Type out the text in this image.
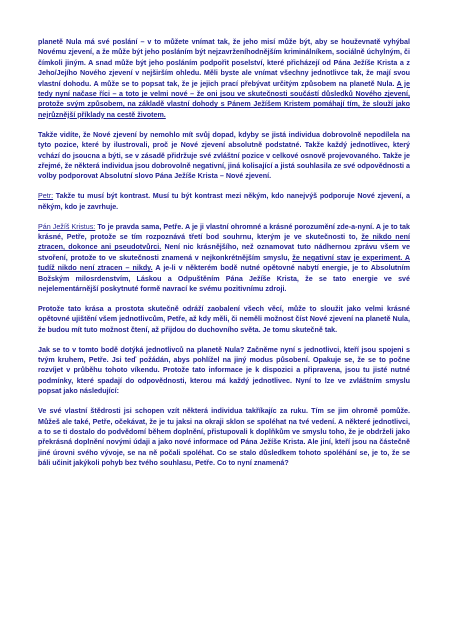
planetě Nula má své poslání – v to můžete vnímat tak, že jeho misí může být, aby se houževnatě vyhýbal Novému zjevení, a že může být jeho posláním být nejzavrženíhodnějším kriminálníkem, sociálně úchylným, či čímkoli jiným. A snad může být jeho posláním podpořit poselství, které přicházejí od Pána Ježíše Krista a z Jeho/Jejího Nového zjevení v nejširším ohledu. Měli byste ale vnímat všechny jednotlivce tak, že mají svou vlastní dohodu. A může se to popsat tak, že je jejich prací přebývat určitým způsobem na planetě Nula. A je tedy nyní načase říci – a toto je velmi nové – že oni jsou ve skutečnosti součástí důsledků Nového zjevení, protože svým způsobem, na základě vlastní dohody s Pánem Ježíšem Kristem pomáhají tím, že slouží jako nejrůznější příklady na cestě životem.

Takže vidíte, že Nové zjevení by nemohlo mít svůj dopad, kdyby se jistá individua dobrovolně nepodílela na tyto pozice, které by ilustrovali, proč je Nové zjevení absolutně podstatné. Takže každý jednotlivec, který vchází do jsoucna a býti, se v zásadě přidržuje své zvláštní pozice v celkové osnově projevovaného. Takže je zřejmé, že některá individua jsou dobrovolně negativní, jiná kolisající a jistá souhlasila ze své odpovědnosti a volby podporovat Absolutní slovo Pána Ježíše Krista – Nové zjevení.

Petr: Takže tu musí být kontrast. Musí tu být kontrast mezi někým, kdo nanejvýš podporuje Nové zjevení, a někým, kdo je zavrhuje.

Pán Ježíš Kristus: To je pravda sama, Petře. A je ji vlastní ohromné a krásné porozumění zde-a-nyní. A je to tak krásné, Petře, protože se tím rozpoznává třetí bod souhrnu, kterým je ve skutečnosti to, že nikdo není ztracen, dokonce ani pseudotvůrci. Není nic krásnějšího, než oznamovat tuto nádhernou zprávu všem ve stvoření, protože to ve skutečnosti znamená v nejkonkrétnějším smyslu, že negativní stav je experiment. A tudíž nikdo není ztracen – nikdy. A je-li v některém bodě nutné opětovné nabytí energie, je to Absolutním Božským milosrdenstvím, Láskou a Odpuštěním Pána Ježíše Krista, že se tato energie ve své nejelementárnější poskytnuté formě navrací ke svému pozitivnímu zdroji.

Protože tato krása a prostota skutečně odráží zaobalení všech věcí, může to sloužit jako velmi krásné opětovné ujištění všem jednotlivcům, Petře, až kdy měli, či neměli možnost číst Nové zjevení na planetě Nula, že budou mít tuto možnost čtení, až přijdou do duchovního světa. Je tomu skutečně tak.

Jak se to v tomto bodě dotýká jednotlivců na planetě Nula? Začněme nyní s jednotlivci, kteří jsou spojeni s tvým kruhem, Petře. Jsi teď požádán, abys pohlížel na jiný modus působení. Opakuje se, že se to počne rozvíjet v průběhu tohoto víkendu. Protože tato informace je k dispozici a připravena, jsou tu jisté nutné podmínky, které spadají do odpovědnosti, kterou má každý jednotlivec. Nyní to lze ve zvláštním smyslu popsat jako následující:

Ve své vlastní štědrosti jsi schopen vzít některá individua takříkajíc za ruku. Tím se jim ohromě pomůže. Můžeš ale také, Petře, očekávat, že je tu jaksi na okraji sklon se spoléhat na tvé vedení. A některé jednotlivci, a to se ti dostalo do podvědomí během doplnění, přistupovali k doplňkům ve smyslu toho, že je obdrželi jako překrásná doplnění novými údaji a jako nové informace od Pána Ježíše Krista. Ale jiní, kteří jsou na částečně jiné úrovni svého vývoje, se na ně počali spoléhat. Co se stalo důsledkem tohoto spoléhání se, je to, že se báli učinit jakýkoli pohyb bez tvého souhlasu, Petře. Co to nyní znamená?
